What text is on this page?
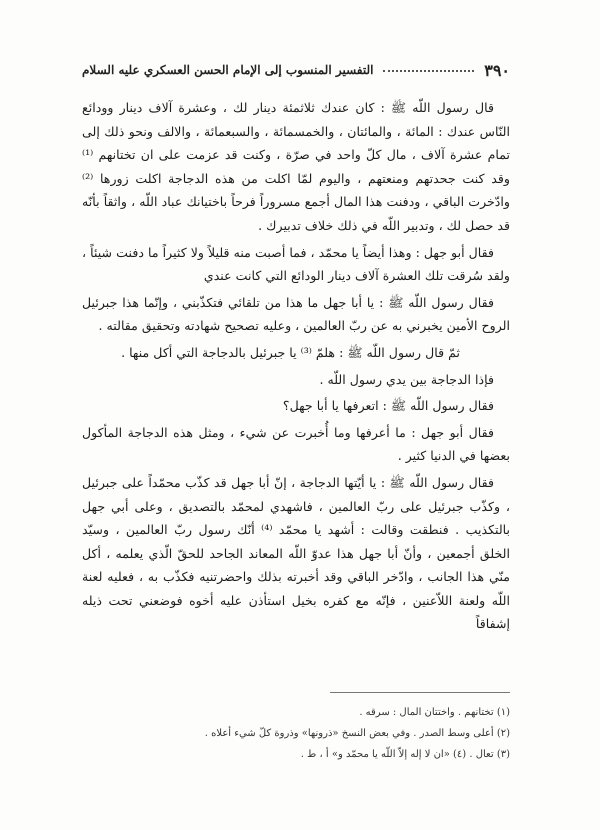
٣٩٠
التفسير المنسوب إلى الإمام الحسن العسكري عليه السلام

قال رسول اللّه ﷺ : كان عندك ثلاثمئة دينار لك ، وعشرة آلاف دينار وودائع النّاس عندك : المائة ، والمائتان ، والخمسمائة ، والسبعمائة ، والالف ونحو ذلك إلى تمام عشرة آلاف ، مال كلّ واحد في صرّة ، وكنت قد عزمت على ان تختانهم ⁽¹⁾ وقد كنت جحدتهم ومنعتهم ، واليوم لمّا اكلت من هذه الدجاجة اكلت زورها ⁽²⁾ وادّخرت الباقي ، ودفنت هذا المال أجمع مسروراً فرحاً باختيانك عباد اللّه ، واثقاً بأنّه قد حصل لك ، وتدبير اللّه في ذلك خلاف تدبيرك .

فقال أبو جهل : وهذا أيضاً يا محمّد ، فما أصبت منه قليلاً ولا كثيراً ما دفنت شيئاً ، ولقد سُرقت تلك العشرة آلاف دينار الودائع التي كانت عندي

فقال رسول اللّه ﷺ : يا أبا جهل ما هذا من تلقائي فتكذّبني ، وإنّما هذا جبرئيل الروح الأمين يخبرني به عن ربّ العالمين ، وعليه تصحيح شهادته وتحقيق مقالته .

ثمّ قال رسول اللّه ﷺ : هلمّ ⁽³⁾ يا جبرئيل بالدجاجة التي أكل منها .

فإذا الدجاجة بين يدي رسول اللّه .

فقال رسول اللّه ﷺ : اتعرفها يا أبا جهل؟

فقال أبو جهل : ما أعرفها وما أُخبرت عن شيء ، ومثل هذه الدجاجة المأكول بعضها في الدنيا كثير .

فقال رسول اللّه ﷺ : يا أيّتها الدجاجة ، إنّ أبا جهل قد كذّب محمّداً على جبرئيل ، وكذّب جبرئيل على ربّ العالمين ، فاشهدي لمحمّد بالتصديق ، وعلى أبي جهل بالتكذيب . فنطقت وقالت : أشهد يا محمّد ⁽⁴⁾ أنّك رسول ربّ العالمين ، وسيّد الخلق أجمعين ، وأنّ أبا جهل هذا عدوّ اللّه المعاند الجاحد للحقّ الّذي يعلمه ، أكل منّي هذا الجانب ، وادّخر الباقي وقد أخبرته بذلك واحضرتنيه فكذّب به ، فعليه لعنة اللّه ولعنة اللاّعنين ، فإنّه مع كفره بخيل استأذن عليه أخوه فوضعني تحت ذيله إشفاقاً

(١) تختانهم . واختتان المال : سرقه .

(٢) أعلى وسط الصدر . وفي بعض النسخ «ذرونها» وذروة كلّ شيء أعلاه .

(٣) تعال . (٤) «ان لا إله إلاّ اللّه يا محمّد و» أ ، ط .
